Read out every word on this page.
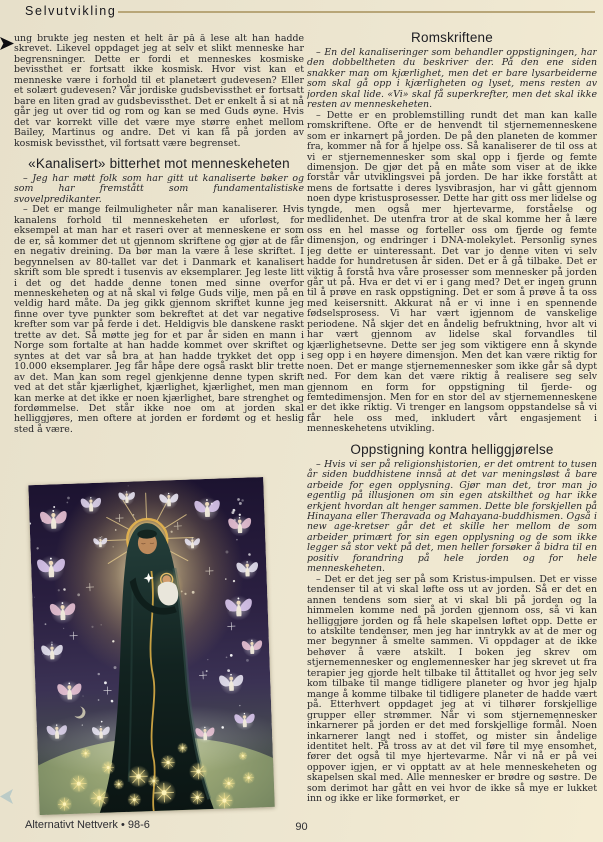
Selvutvikling

ung brukte jeg nesten et helt år på å lese alt han hadde skrevet. Likevel oppdaget jeg at selv et slikt menneske har begrensninger. Dette er fordi et menneskes kosmiske bevissthet er fortsatt ikke kosmisk. Hvor vist kan et menneske være i forhold til et planetært gudevesen? Eller et solært gudevesen? Vår jordiske gudsbevissthet er fortsatt bare en liten grad av gudsbevissthet. Det er enkelt å si at nå går jeg ut over tid og rom og kan se med Guds øyne. Hvis det var korrekt ville det være mye større enhet mellom Bailey, Martinus og andre. Det vi kan få på jorden av kosmisk bevissthet, vil fortsatt være begrenset.

«Kanalisert» bitterhet mot menneskeheten

– Jeg har møtt folk som har gitt ut kanaliserte bøker og som har fremstått som fundamentalistiske svovelpredikanter.

– Det er mange feilmuligheter når man kanaliserer. Hvis kanalens forhold til menneskeheten er uforløst, for eksempel at man har et raseri over at menneskene er som de er, så kommer det ut gjennom skriftene og gjør at de får en negativ dreining. Da bør man la være å lese skriftet. I begynnelsen av 80-tallet var det i Danmark et kanalisert skrift som ble spredt i tusenvis av eksemplarer. Jeg leste litt i det og det hadde denne tonen med sinne overfor menneskeheten og at nå skal vi følge Guds vilje, men på en veldig hard måte. Da jeg gikk gjennom skriftet kunne jeg finne over tyve punkter som bekreftet at det var negative krefter som var på ferde i det. Heldigvis ble danskene raskt trette av det. Så møtte jeg for et par år siden en mann i Norge som fortalte at han hadde kommet over skriftet og syntes at det var så bra at han hadde trykket det opp i 10.000 eksemplarer. Jeg får håpe dere også raskt blir trette av det. Man kan som regel gjenkjenne denne typen skrift ved at det står kjærlighet, kjærlighet, kjærlighet, men man kan merke at det ikke er noen kjærlighet, bare strenghet og fordømmelse. Det står ikke noe om at jorden skal helliggjøres, men oftere at jorden er fordømt og et heslig sted å være.

Romskriftene

– En del kanaliseringer som behandler oppstigningen, har den dobbeltheten du beskriver der. På den ene siden snakker man om kjærlighet, men det er bare lysarbeiderne som skal gå opp i kjærligheten og lyset, mens resten av jorden skal lide. «Vi» skal få superkrefter, men det skal ikke resten av menneskeheten.

– Dette er en problemstilling rundt det man kan kalle romskriftene. Ofte er de henvendt til stjernemenneskene som er inkarnert på jorden. De på den planeten de kommer fra, kommer nå for å hjelpe oss. Så kanaliserer de til oss at vi er stjernemennesker som skal opp i fjerde og femte dimensjon. De gjør det på en måte som viser at de ikke forstår vår utviklingsvei på jorden. De har ikke forstått at mens de fortsatte i deres lysvibrasjon, har vi gått gjennom noen dype kristusprosesser. Dette har gitt oss mer lidelse og tyngde, men også mer hjertevarme, forståelse og medlidenhet. De utenfra tror at de skal komme her å lære oss en hel masse og forteller oss om fjerde og femte dimensjon, og endringer i DNA-molekylet. Personlig synes jeg dette er uinteressant. Det var jo denne viten vi selv hadde for hundretusen år siden. Det er å gå tilbake. Det er viktig å forstå hva våre prosesser som mennesker på jorden går ut på. Hva er det vi er i gang med? Det er ingen grunn til å prøve en rask oppstigning. Det er som å prøve å ta oss med keisersnitt. Akkurat nå er vi inne i en spennende fødselsprosess. Vi har vært igjennom de vanskelige periodene. Nå skjer det en åndelig befruktning, hvor alt vi har vært gjennom av lidelse skal forvandles til kjærlighetsevne. Dette ser jeg som viktigere enn å skynde seg opp i en høyere dimensjon. Men det kan være riktig for noen. Det er mange stjernemennesker som ikke går så dypt ned. For dem kan det være riktig å realisere seg selv gjennom en form for oppstigning til fjerde- og femtedimensjon. Men for en stor del av stjernemenneskene er det ikke riktig. Vi trenger en langsom oppstandelse så vi får hele oss med, inkludert vårt engasjement i menneskehetens utvikling.

Oppstigning kontra helliggjørelse

– Hvis vi ser på religionshistorien, er det omtrent to tusen år siden buddhistene innså at det var meningsløst å bare arbeide for egen opplysning. Gjør man det, tror man jo egentlig på illusjonen om sin egen atskilthet og har ikke erkjent hvordan alt henger sammen. Dette ble forskjellen på Hinayana eller Theravada og Mahayana-buddhismen. Også i new age-kretser går det et skille her mellom de som arbeider primært for sin egen opplysning og de som ikke legger så stor vekt på det, men heller forsøker å bidra til en positiv forandring på hele jorden og for hele menneskeheten.

– Det er det jeg ser på som Kristus-impulsen. Det er visse tendenser til at vi skal løfte oss ut av jorden. Så er det en annen tendens som sier at vi skal bli på jorden og la himmelen komme ned på jorden gjennom oss, så vi kan helliggjøre jorden og få hele skapelsen løftet opp. Dette er to atskilte tendenser, men jeg har inntrykk av at de mer og mer begynner å smelte sammen. Vi oppdager at de ikke behøver å være atskilt. I boken jeg skrev om stjernemennesker og englemennesker har jeg skrevet ut fra terapier jeg gjorde helt tilbake til åttitallet og hvor jeg selv kom tilbake til mange tidligere planeter og hvor jeg hjalp mange å komme tilbake til tidligere planeter de hadde vært på. Etterhvert oppdaget jeg at vi tilhører forskjellige grupper eller strømmer. Når vi som stjernemennesker inkarnerer på jorden er det med forskjellige formål. Noen inkarnerer langt ned i stoffet, og mister sin åndelige identitet helt. På tross av at det vil føre til mye ensomhet, fører det også til mye hjertevarme. Når vi nå er på vei oppover igjen, er vi opptatt av at hele menneskeheten og skapelsen skal med. Alle mennesker er brødre og søstre. De som derimot har gått en vei hvor de ikke så mye er lukket inn og ikke er like formørket, er

Alternativt Nettverk • 98-6	90
